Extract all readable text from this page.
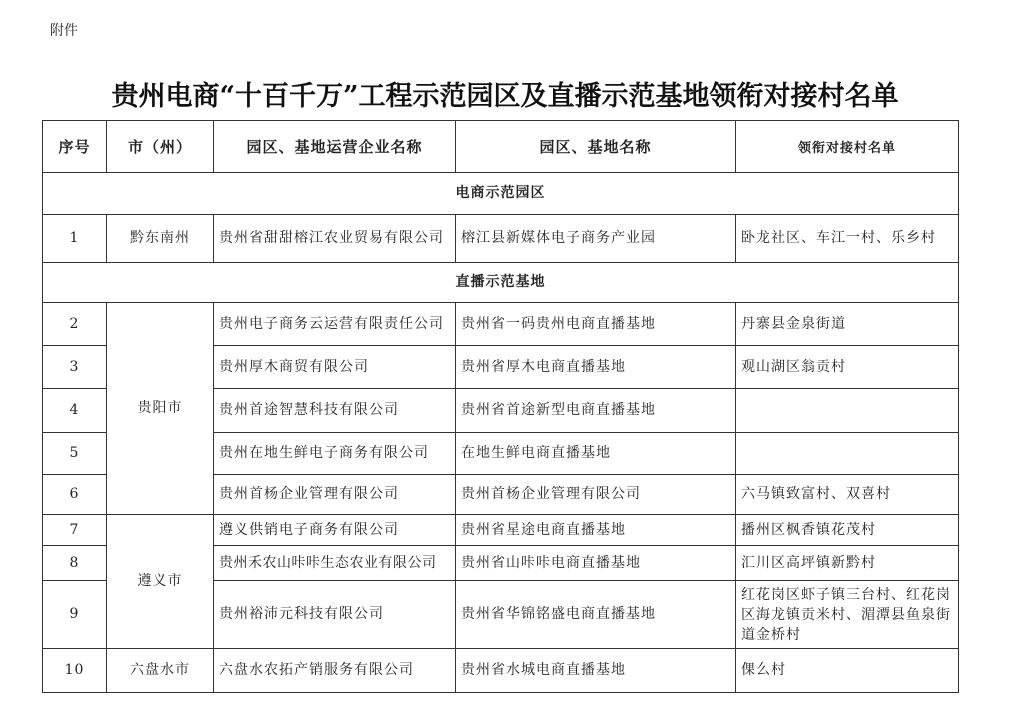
附件
贵州电商“十百千万”工程示范园区及直播示范基地领衔对接村名单
序号	市（州）	园区、基地运营企业名称	园区、基地名称	领衔对接村名单
电商示范园区				
1	黔东南州	贵州省甜甜榕江农业贸易有限公司	榕江县新媒体电子商务产业园	卧龙社区、车江一村、乐乡村
直播示范基地				
2	贵阳市	贵州电子商务云运营有限责任公司	贵州省一码贵州电商直播基地	丹寨县金泉街道
3		贵州厚木商贸有限公司	贵州省厚木电商直播基地	观山湖区翁贡村
4		贵州首途智慧科技有限公司	贵州省首途新型电商直播基地	
5		贵州在地生鲜电子商务有限公司	在地生鲜电商直播基地	
6		贵州首杨企业管理有限公司	贵州首杨企业管理有限公司	六马镇致富村、双喜村
7	遵义市	遵义供销电子商务有限公司	贵州省星途电商直播基地	播州区枫香镇花茂村
8		贵州禾农山咔咔生态农业有限公司	贵州省山咔咔电商直播基地	汇川区高坪镇新黔村
9		贵州裕沛元科技有限公司	贵州省华锦铭盛电商直播基地	红花岗区虾子镇三台村、红花岗区海龙镇贡米村、湄潭县鱼泉街道金桥村
10	六盘水市	六盘水农拓产销服务有限公司	贵州省水城电商直播基地	倮么村
